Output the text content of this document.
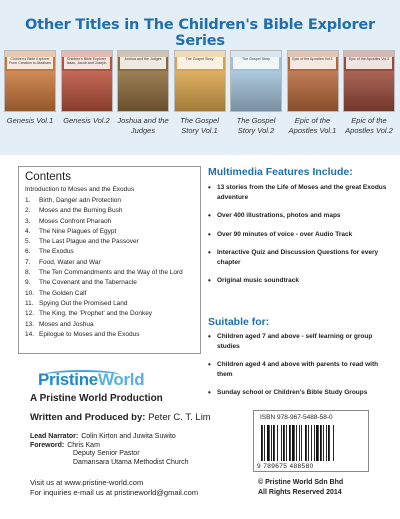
Other Titles in The Children's Bible Explorer Series
Children's Bible Explorer From Creation to Abraham
Genesis Vol.1
Children's Bible Explorer Isaac, Jacob and Joseph
Genesis Vol.2
Joshua and the Judges
Joshua and the Judges
The Gospel Story
The Gospel Story Vol.1
The Gospel Story
The Gospel Story Vol.2
Epic of the Apostles Vol.1
Epic of the Apostles Vol.1
Epic of the Apostles Vol.2
Epic of the Apostles Vol.2
Contents
Introduction to Moses and the Exodus
1.	Birth, Danger adn Protection
2.	Moses and the Burning Bush
3.	Moses Confront Pharaoh
4.	The Nine Plagues of Egypt
5.	The Last Plague and the Passover
6.	The Exodus
7.	Food, Water and War
8.	The Ten Commandments and the Way of the Lord
9.	The Covenant and the Tabernacle
10. The Golden Calf
11. Spying Out the Promised Land
12. The King, the 'Prophet' and the Donkey
13. Moses and Joshua
14. Epilogue to Moses and the Exodus
Multimedia Features Include:
• 13 stories from the Life of Moses and the great Exodus adventure
• Over 400 illustrations, photos and maps
• Over 90 minutes of voice - over Audio Track
• Interactive Quiz and Discussion Questions for every chapter
• Original music soundtrack
Suitable for:
• Children aged 7 and above - self learning or group studies
• Children aged 4 and above with parents to read with them
• Sunday school or Children's Bible Study Groups
PristineWorld
A Pristine World Production
Written and Produced by: Peter C. T. Lim
Lead Narrator: Colin Kirton and Juwita Suwito
Foreword: Chris Kam
Deputy Senior Pastor
Damansara Utama Methodist Church
Visit us at www.pristine-world.com
For inquiries e-mail us at pristineworld@gmail.com
ISBN 978-967-5488-58-0
9 789675 488580
© Pristine World Sdn Bhd
All Rights Reserved 2014
